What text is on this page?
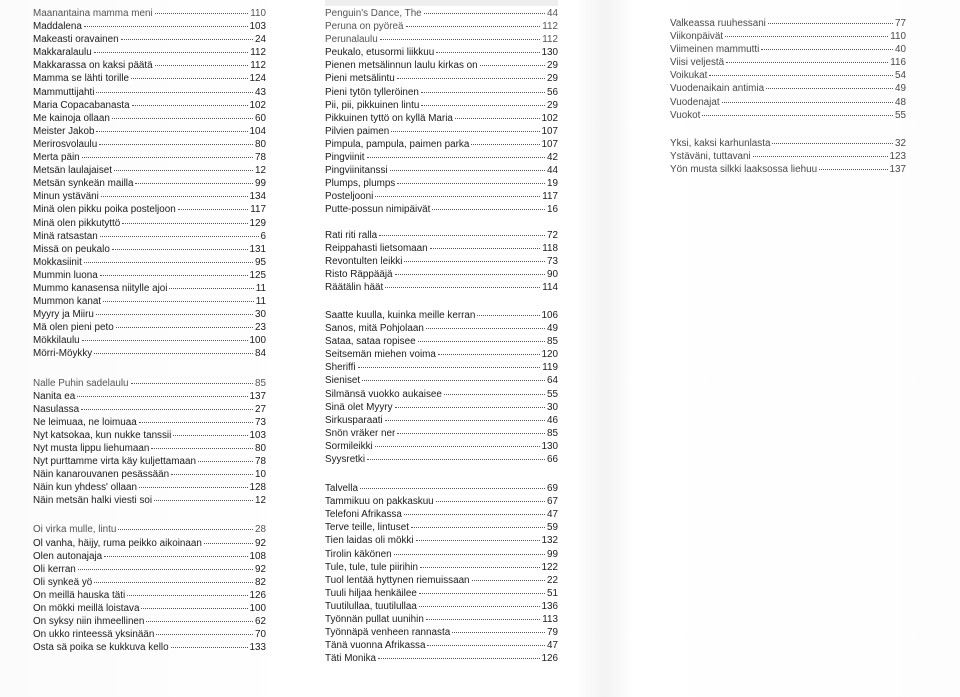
Maanantaina mamma meni	110
Maddalena	103
Makeasti oravainen	24
Makkaralaulu	112
Makkarassa on kaksi päätä	112
Mamma se lähti torille	124
Mammuttijahti	43
Maria Copacabanasta	102
Me kainoja ollaan	60
Meister Jakob	104
Merirosvolaulu	80
Merta päin	78
Metsän laulajaiset	12
Metsän synkeän mailla	99
Minun ystäväni	134
Minä olen pikku poika posteljoon	117
Minä olen pikkutyttö	129
Minä ratsastan	6
Missä on peukalo	131
Mokkasiinit	95
Mummin luona	125
Mummo kanasensa niitylle ajoi	11
Mummon kanat	11
Myyry ja Miiru	30
Mä olen pieni peto	23
Mökkilaulu	100
Mörri-Möykky	84
Nalle Puhin sadelaulu	85
Nanita ea	137
Nasulassa	27
Ne leimuaa, ne loimuaa	73
Nyt katsokaa, kun nukke tanssii	103
Nyt musta lippu liehumaan	80
Nyt purttamme virta käy kuljettamaan	78
Näin kanarouvanen pesässään	10
Näin kun yhdess' ollaan	128
Näin metsän halki viesti soi	12
Oi virka mulle, lintu	28
Ol vanha, häijy, ruma peikko aikoinaan	92
Olen autonajaja	108
Oli kerran	92
Oli synkeä yö	82
On meillä hauska täti	126
On mökki meillä loistava	100
On syksy niin ihmeellinen	62
On ukko rinteessä yksinään	70
Osta sä poika se kukkuva kello	133
Penguin's Dance, The	44
Peruna on pyöreä	112
Perunalaulu	112
Peukalo, etusormi liikkuu	130
Pienen metsälinnun laulu kirkas on	29
Pieni metsälintu	29
Pieni tytön tylleröinen	56
Pii, pii, pikkuinen lintu	29
Pikkuinen tyttö on kyllä Maria	102
Pilvien paimen	107
Pimpula, pampula, paimen parka	107
Pingviinit	42
Pingviinitanssi	44
Plumps, plumps	19
Posteljooni	117
Putte-possun nimipäivät	16
Rati riti ralla	72
Reippahasti lietsomaan	118
Revontulten leikki	73
Risto Räppääjä	90
Räätälin häät	114
Saatte kuulla, kuinka meille kerran	106
Sanos, mitä Pohjolaan	49
Sataa, sataa ropisee	85
Seitsemän miehen voima	120
Sheriffi	119
Sieniset	64
Silmänsä vuokko aukaisee	55
Sinä olet Myyry	30
Sirkusparaati	46
Snön vräker ner	85
Sormileikki	130
Syysretki	66
Talvella	69
Tammikuu on pakkaskuu	67
Telefoni Afrikassa	47
Terve teille, lintuset	59
Tien laidas oli mökki	132
Tirolin käkönen	99
Tule, tule, tule piirihin	122
Tuol lentää hyttynen riemuissaan	22
Tuuli hiljaa henkäilee	51
Tuutilullaa, tuutilullaa	136
Työnnän pullat uunihin	113
Työnnäpä venheen rannasta	79
Tänä vuonna Afrikassa	47
Täti Monika	126
Valkeassa ruuhessani	77
Viikonpäivät	110
Viimeinen mammutti	40
Viisi veljestä	116
Voikukat	54
Vuodenaikain antimia	49
Vuodenajat	48
Vuokot	55
Yksi, kaksi karhunlasta	32
Ystäväni, tuttavani	123
Yön musta silkki laaksossa liehuu	137
